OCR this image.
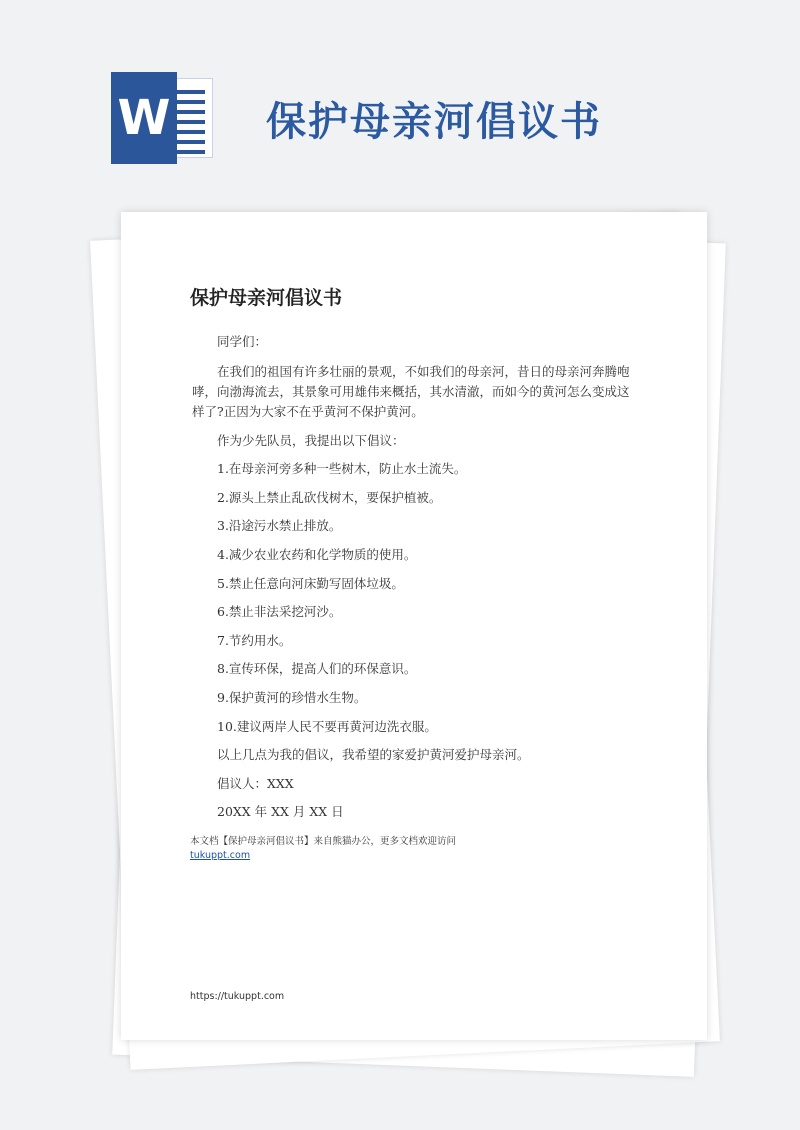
W 保护母亲河倡议书
保护母亲河倡议书

同学们：

在我们的祖国有许多壮丽的景观，不如我们的母亲河，昔日的母亲河奔腾咆哮，向渤海流去，其景象可用雄伟来概括，其水清澈，而如今的黄河怎么变成这样了?正因为大家不在乎黄河不保护黄河。

作为少先队员，我提出以下倡议：

1.在母亲河旁多种一些树木，防止水土流失。

2.源头上禁止乱砍伐树木，要保护植被。

3.沿途污水禁止排放。

4.减少农业农药和化学物质的使用。

5.禁止任意向河床勤写固体垃圾。

6.禁止非法采挖河沙。

7.节约用水。

8.宣传环保，提高人们的环保意识。

9.保护黄河的珍惜水生物。

10.建议两岸人民不要再黄河边洗衣服。

以上几点为我的倡议，我希望的家爱护黄河爱护母亲河。

倡议人：XXX

20XX 年 XX 月 XX 日

本文档【保护母亲河倡议书】来自熊猫办公，更多文档欢迎访问
tukuppt.com
https://tukuppt.com
